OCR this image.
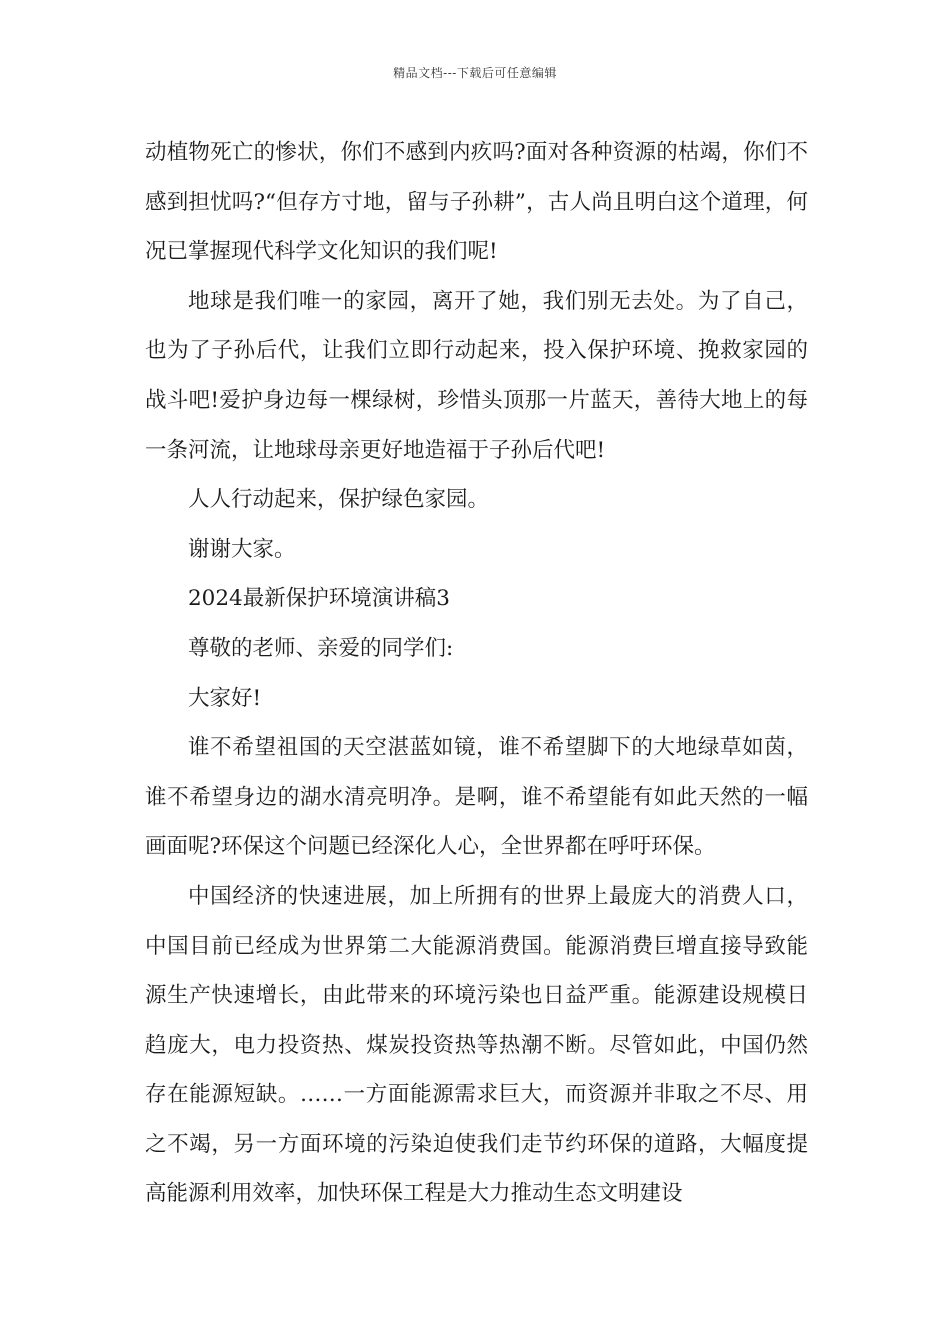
精品文档---下载后可任意编辑

动植物死亡的惨状，你们不感到内疚吗?面对各种资源的枯竭，你们不感到担忧吗?“但存方寸地，留与子孙耕”，古人尚且明白这个道理，何况已掌握现代科学文化知识的我们呢!

地球是我们唯一的家园，离开了她，我们别无去处。为了自己，也为了子孙后代，让我们立即行动起来，投入保护环境、挽救家园的战斗吧!爱护身边每一棵绿树，珍惜头顶那一片蓝天，善待大地上的每一条河流，让地球母亲更好地造福于子孙后代吧!

人人行动起来，保护绿色家园。

谢谢大家。

2024最新保护环境演讲稿3

尊敬的老师、亲爱的同学们:

大家好!

谁不希望祖国的天空湛蓝如镜，谁不希望脚下的大地绿草如茵，谁不希望身边的湖水清亮明净。是啊，谁不希望能有如此天然的一幅画面呢?环保这个问题已经深化人心，全世界都在呼吁环保。

中国经济的快速进展，加上所拥有的世界上最庞大的消费人口，中国目前已经成为世界第二大能源消费国。能源消费巨增直接导致能源生产快速增长，由此带来的环境污染也日益严重。能源建设规模日趋庞大，电力投资热、煤炭投资热等热潮不断。尽管如此，中国仍然存在能源短缺。……一方面能源需求巨大，而资源并非取之不尽、用之不竭，另一方面环境的污染迫使我们走节约环保的道路，大幅度提高能源利用效率，加快环保工程是大力推动生态文明建设
